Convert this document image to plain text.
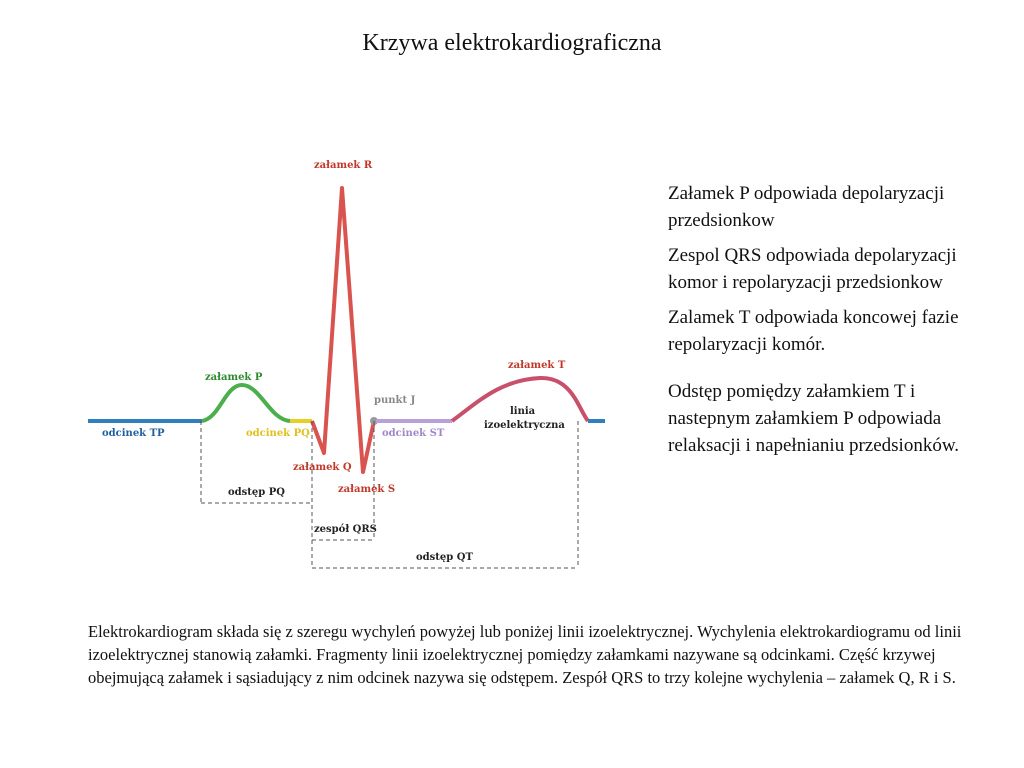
Krzywa elektrokardiograficzna
załamek R
załamek P
załamek T
punkt J
odcinek TP	odcinek PQ	odcinek ST
linia
izoelektryczna
załamek Q
załamek S
odstęp PQ
zespół QRS
odstęp QT

Załamek P odpowiada depolaryzacji przedsionkow

Zespol QRS odpowiada depolaryzacji komor i repolaryzacji przedsionkow

Zalamek T odpowiada koncowej fazie repolaryzacji komór.

Odstęp pomiędzy załamkiem T i nastepnym załamkiem P odpowiada relaksacji i napełnianiu przedsionków.

Elektrokardiogram składa się z szeregu wychyleń powyżej lub poniżej linii izoelektrycznej. Wychylenia elektrokardiogramu od linii izoelektrycznej stanowią załamki. Fragmenty linii izoelektrycznej pomiędzy załamkami nazywane są odcinkami. Część krzywej obejmującą załamek i sąsiadujący z nim odcinek nazywa się odstępem. Zespół QRS to trzy kolejne wychylenia – załamek Q, R i S.
